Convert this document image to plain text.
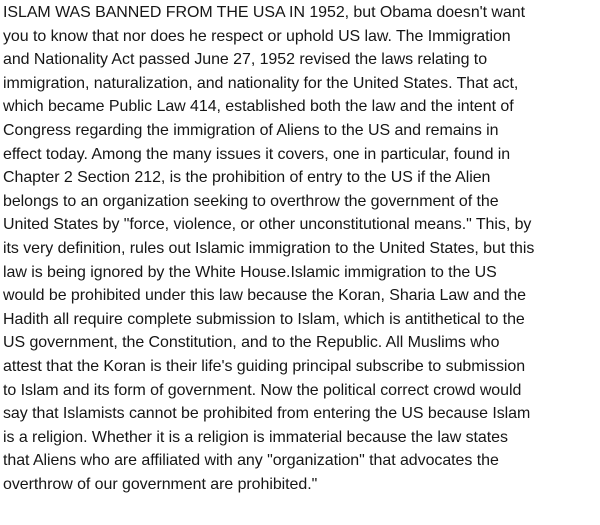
ISLAM WAS BANNED FROM THE USA IN 1952, but Obama doesn't want
you to know that nor does he respect or uphold US law. The Immigration
and Nationality Act passed June 27, 1952 revised the laws relating to
immigration, naturalization, and nationality for the United States. That act,
which became Public Law 414, established both the law and the intent of
Congress regarding the immigration of Aliens to the US and remains in
effect today. Among the many issues it covers, one in particular, found in
Chapter 2 Section 212, is the prohibition of entry to the US if the Alien
belongs to an organization seeking to overthrow the government of the
United States by "force, violence, or other unconstitutional means." This, by
its very definition, rules out Islamic immigration to the United States, but this
law is being ignored by the White House.Islamic immigration to the US
would be prohibited under this law because the Koran, Sharia Law and the
Hadith all require complete submission to Islam, which is antithetical to the
US government, the Constitution, and to the Republic. All Muslims who
attest that the Koran is their life's guiding principal subscribe to submission
to Islam and its form of government. Now the political correct crowd would
say that Islamists cannot be prohibited from entering the US because Islam
is a religion. Whether it is a religion is immaterial because the law states
that Aliens who are affiliated with any "organization" that advocates the
overthrow of our government are prohibited."
